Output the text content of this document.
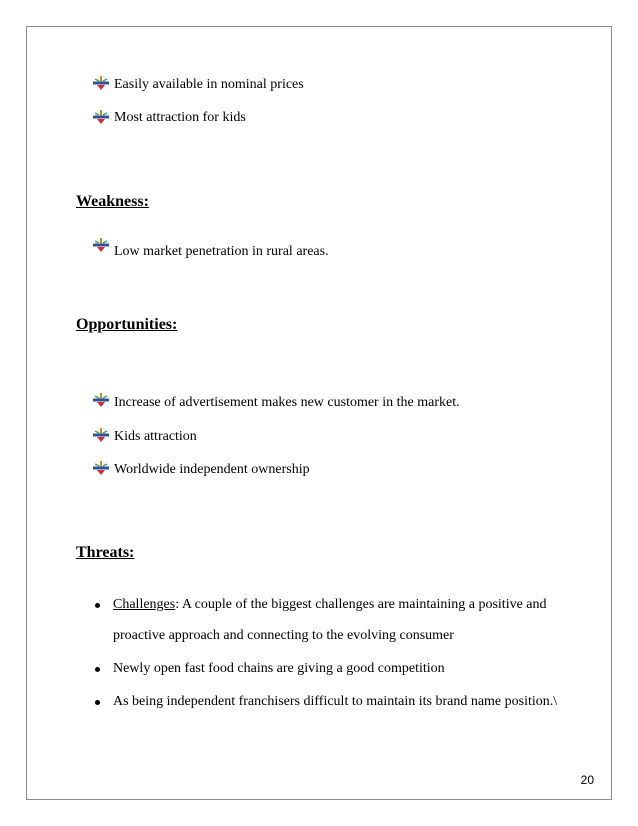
Easily available in nominal prices
Most attraction for kids
Weakness:
Low market penetration in rural areas.
Opportunities:
Increase of advertisement makes new customer in the market.
Kids attraction
Worldwide independent ownership
Threats:
Challenges: A couple of the biggest challenges are maintaining a positive and
proactive approach and connecting to the evolving consumer
Newly open fast food chains are giving a good competition
As being independent franchisers difficult to maintain its brand name position.\
20
